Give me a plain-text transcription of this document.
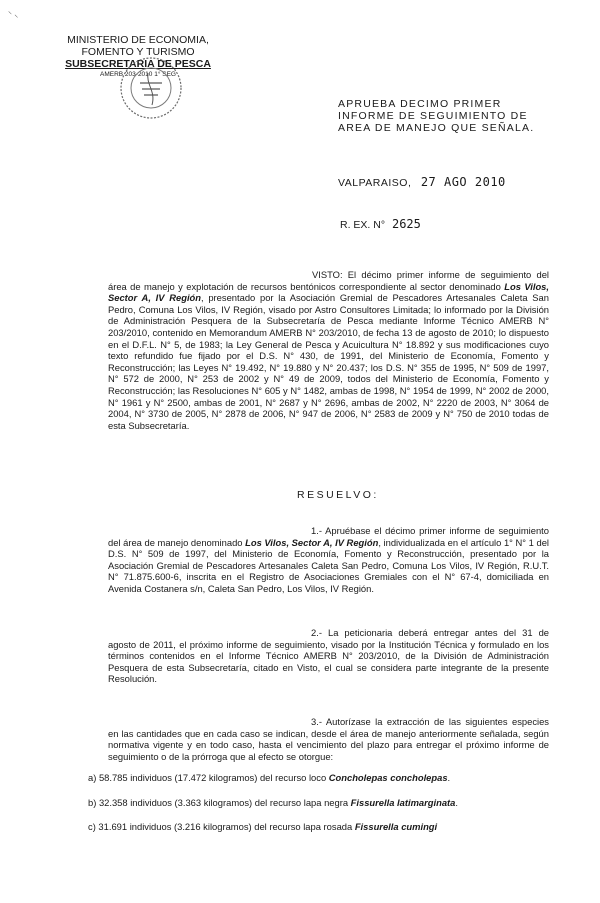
⸌ ⸜
MINISTERIO DE ECONOMIA,
FOMENTO Y TURISMO
SUBSECRETARIA DE PESCA
AMERB 203-2010 1° SEG
APRUEBA DECIMO PRIMER INFORME DE SEGUIMIENTO DE AREA DE MANEJO QUE SEÑALA.
VALPARAISO, 27 AGO 2010
R. EX. N° 2625
VISTO: El décimo primer informe de seguimiento del área de manejo y explotación de recursos bentónicos correspondiente al sector denominado Los Vilos, Sector A, IV Región, presentado por la Asociación Gremial de Pescadores Artesanales Caleta San Pedro, Comuna Los Vilos, IV Región, visado por Astro Consultores Limitada; lo informado por la División de Administración Pesquera de la Subsecretaría de Pesca mediante Informe Técnico AMERB N° 203/2010, contenido en Memorandum AMERB N° 203/2010, de fecha 13 de agosto de 2010; lo dispuesto en el D.F.L. N° 5, de 1983; la Ley General de Pesca y Acuicultura N° 18.892 y sus modificaciones cuyo texto refundido fue fijado por el D.S. N° 430, de 1991, del Ministerio de Economía, Fomento y Reconstrucción; las Leyes N° 19.492, N° 19.880 y N° 20.437; los D.S. N° 355 de 1995, N° 509 de 1997, N° 572 de 2000, N° 253 de 2002 y N° 49 de 2009, todos del Ministerio de Economía, Fomento y Reconstrucción; las Resoluciones N° 605 y N° 1482, ambas de 1998, N° 1954 de 1999, N° 2002 de 2000, N° 1961 y N° 2500, ambas de 2001, N° 2687 y N° 2696, ambas de 2002, N° 2220 de 2003, N° 3064 de 2004, N° 3730 de 2005, N° 2878 de 2006, N° 947 de 2006, N° 2583 de 2009 y N° 750 de 2010 todas de esta Subsecretaría.
RESUELVO:
1.- Apruébase el décimo primer informe de seguimiento del área de manejo denominado Los Vilos, Sector A, IV Región, individualizada en el artículo 1° N° 1 del D.S. N° 509 de 1997, del Ministerio de Economía, Fomento y Reconstrucción, presentado por la Asociación Gremial de Pescadores Artesanales Caleta San Pedro, Comuna Los Vilos, IV Región, R.U.T. N° 71.875.600-6, inscrita en el Registro de Asociaciones Gremiales con el N° 67-4, domiciliada en Avenida Costanera s/n, Caleta San Pedro, Los Vilos, IV Región.
2.- La peticionaria deberá entregar antes del 31 de agosto de 2011, el próximo informe de seguimiento, visado por la Institución Técnica y formulado en los términos contenidos en el Informe Técnico AMERB N° 203/2010, de la División de Administración Pesquera de esta Subsecretaría, citado en Visto, el cual se considera parte integrante de la presente Resolución.
3.- Autorízase la extracción de las siguientes especies en las cantidades que en cada caso se indican, desde el área de manejo anteriormente señalada, según normativa vigente y en todo caso, hasta el vencimiento del plazo para entregar el próximo informe de seguimiento o de la prórroga que al efecto se otorgue:
a) 58.785 individuos (17.472 kilogramos) del recurso loco Concholepas concholepas.
b) 32.358 individuos (3.363 kilogramos) del recurso lapa negra Fissurella latimarginata.
c) 31.691 individuos (3.216 kilogramos) del recurso lapa rosada Fissurella cumingi
